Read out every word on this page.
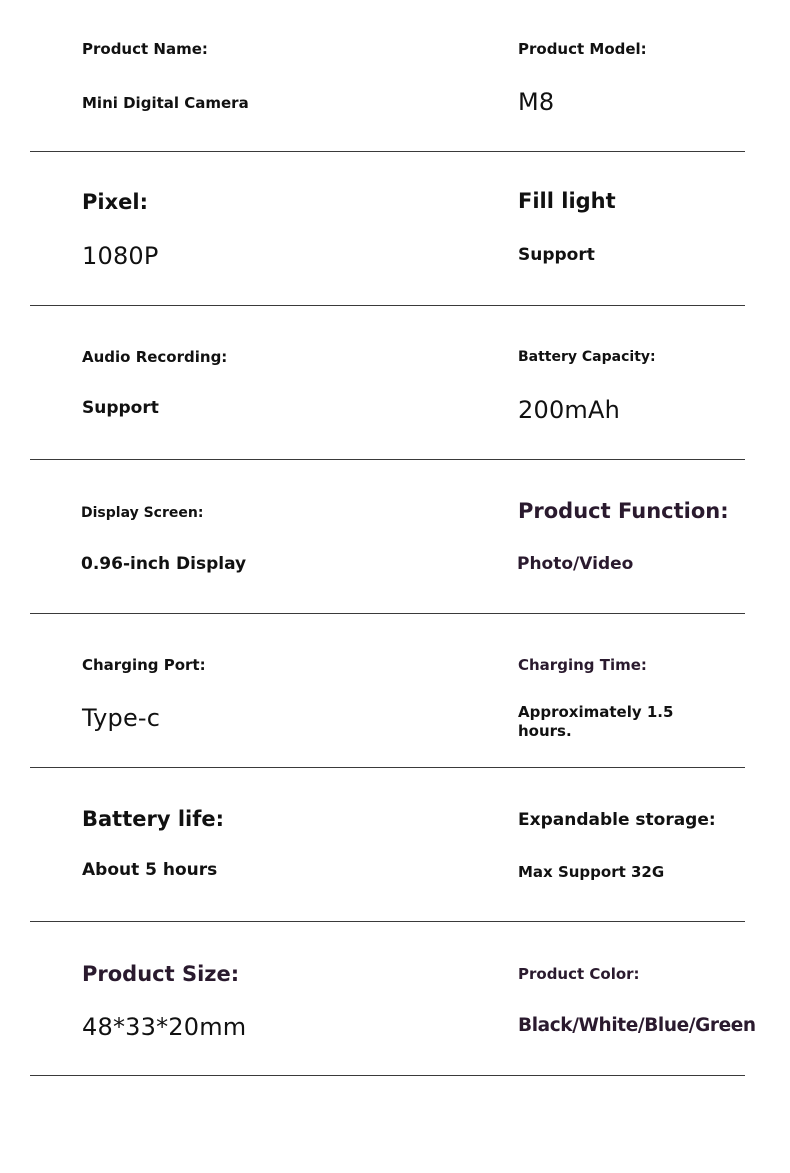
Product Name:

Mini Digital Camera

Product Model:

M8

Pixel:

1080P

Fill light

Support

Audio Recording:

Support

Battery Capacity:

200mAh

Display Screen:

0.96-inch Display

Product Function:

Photo/Video

Charging Port:

Type-c

Charging Time:

Approximately 1.5 hours.

Battery life:

About 5 hours

Expandable storage:

Max Support 32G

Product Size:

48*33*20mm

Product Color:

Black/White/Blue/Green
